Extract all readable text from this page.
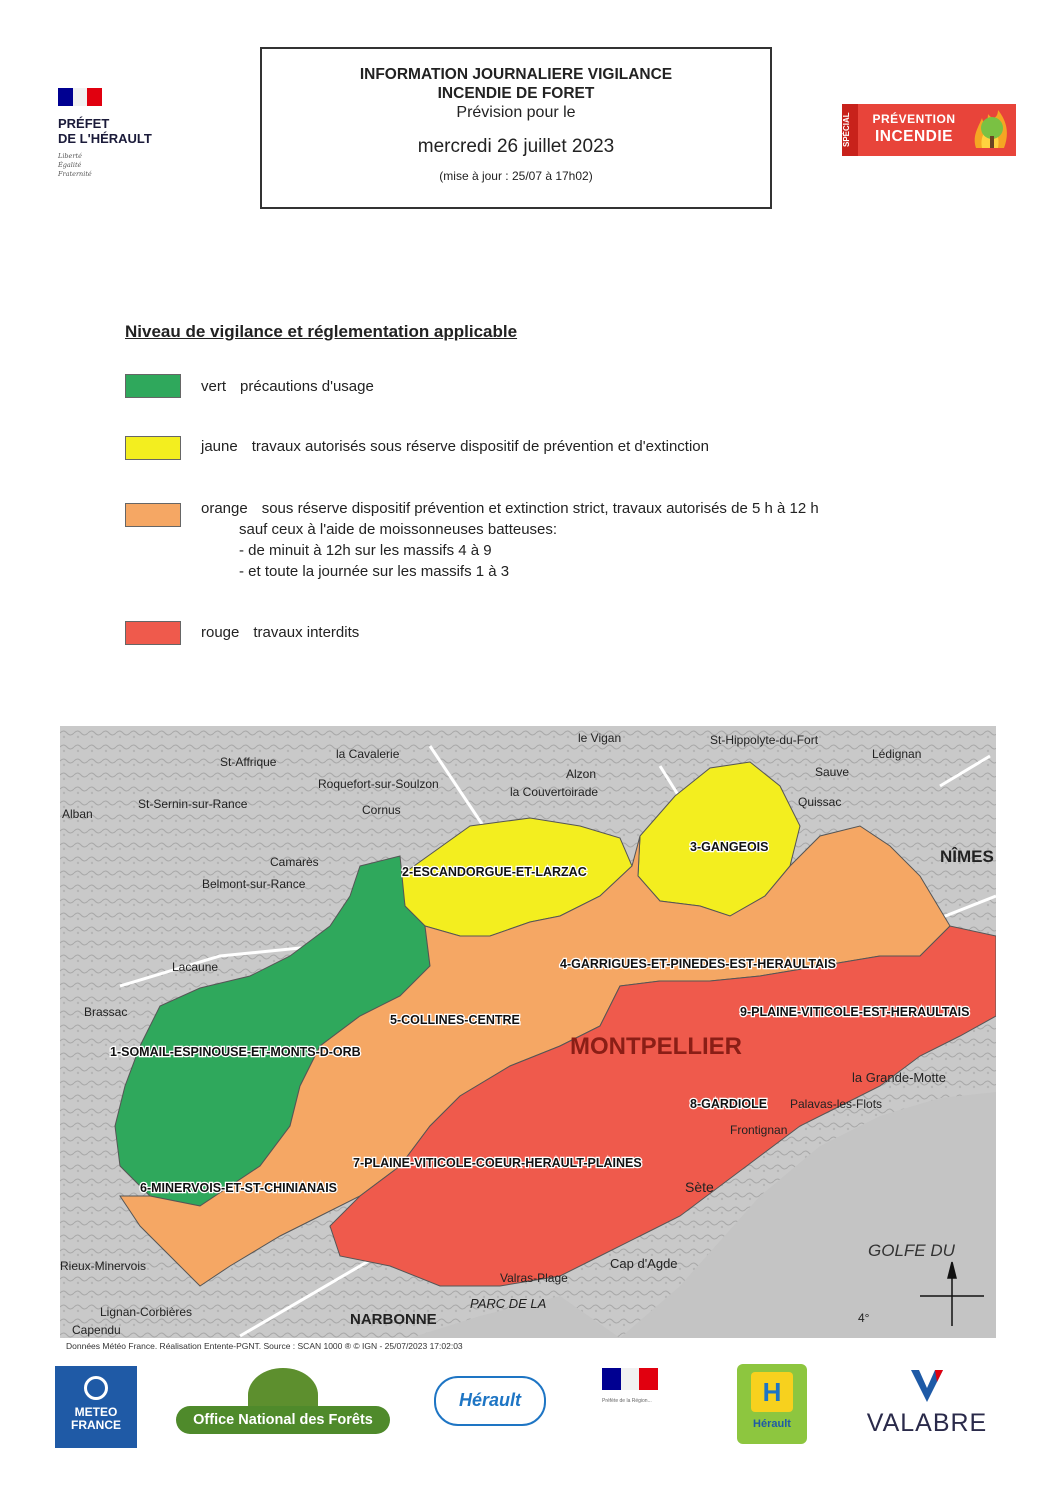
PRÉFET
DE L'HÉRAULT
Liberté
Égalité
Fraternité
INFORMATION JOURNALIERE VIGILANCE
INCENDIE DE FORET
Prévision pour le
mercredi 26 juillet 2023
(mise à jour : 25/07 à 17h02)
SPÉCIAL	PRÉVENTION
INCENDIE
Niveau de vigilance et réglementation applicable
vert précautions d'usage
jaune travaux autorisés sous réserve dispositif de prévention et d'extinction
orange sous réserve dispositif prévention et extinction strict, travaux autorisés de 5 h à 12 h
sauf ceux à l'aide de moissonneuses batteuses:
- de minuit à 12h sur les massifs 4 à 9
- et toute la journée sur les massifs 1 à 3
rouge travaux interdits
1-SOMAIL-ESPINOUSE-ET-MONTS-D-ORB
2-ESCANDORGUE-ET-LARZAC
3-GANGEOIS
4-GARRIGUES-ET-PINEDES-EST-HERAULTAIS
5-COLLINES-CENTRE
6-MINERVOIS-ET-ST-CHINIANAIS
7-PLAINE-VITICOLE-COEUR-HERAULT-PLAINES
8-GARDIOLE
9-PLAINE-VITICOLE-EST-HERAULTAIS
le Vigan	St-Hippolyte-du-Fort
Lédignan
St-Affrique
la Cavalerie
Roquefort-sur-Soulzon
Alzon
la Couvertoirade
Sauve
Quissac
Alban
St-Sernin-sur-Rance	Cornus
Camarès
Belmont-sur-Rance
NÎMES
Lacaune
Brassac
MONTPELLIER
la Grande-Motte
Palavas-les-Flots
Sète
Cap d'Agde
Valras-Plage
NARBONNE
PARC DE LA
GOLFE DU
Capendu
Rieux-Minervois
Lignan-Corbières
Frontignan
4°
Données Météo France. Réalisation Entente-PGNT. Source : SCAN 1000 ® © IGN - 25/07/2023 17:02:03
METEO
FRANCE	Office National des Forêts
Hérault	Préfète de la Région...	H
Hérault	VALABRE
